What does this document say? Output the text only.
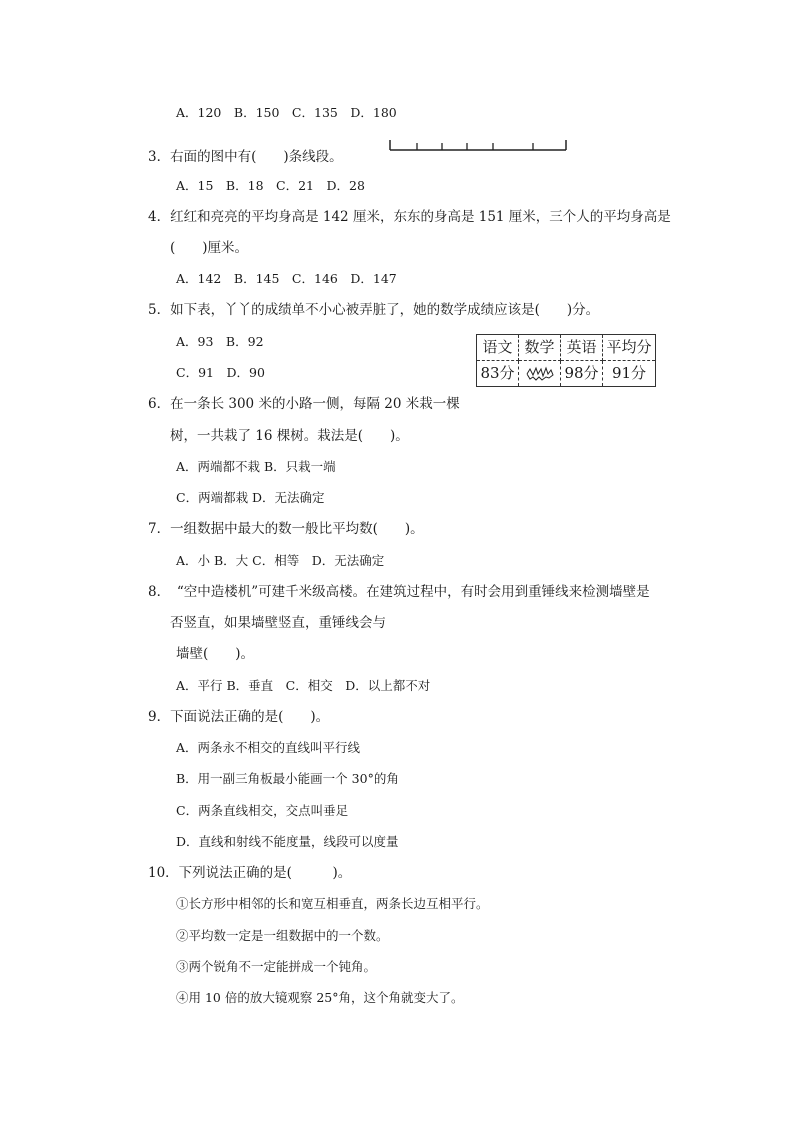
A．120　B．150　C．135　D．180
3．右面的图中有(　　)条线段。
A．15　B．18　C．21　D．28
4．红红和亮亮的平均身高是 142 厘米，东东的身高是 151 厘米，三个人的平均身高是
(　　)厘米。
A．142　B．145　C．146　D．147
5．如下表，丫丫的成绩单不小心被弄脏了，她的数学成绩应该是(　　)分。
A．93　B．92
C．91　D．90
语文	数学	英语	平均分
83分		98分	91分
6．在一条长 300 米的小路一侧，每隔 20 米栽一棵
树，一共栽了 16 棵树。栽法是(　　)。
A．两端都不栽 B．只栽一端
C．两端都栽 D．无法确定
7．一组数据中最大的数一般比平均数(　　)。
A．小 B．大 C．相等　D．无法确定
8．　“空中造楼机”可建千米级高楼。在建筑过程中，有时会用到重锤线来检测墙壁是
否竖直，如果墙壁竖直，重锤线会与
墙壁(　　)。
A．平行 B．垂直　C．相交　D．以上都不对
9．下面说法正确的是(　　)。
A．两条永不相交的直线叫平行线
B．用一副三角板最小能画一个 30°的角
C．两条直线相交，交点叫垂足
D．直线和射线不能度量，线段可以度量
10．下列说法正确的是(　　　)。
①长方形中相邻的长和宽互相垂直，两条长边互相平行。
②平均数一定是一组数据中的一个数。
③两个锐角不一定能拼成一个钝角。
④用 10 倍的放大镜观察 25°角，这个角就变大了。
